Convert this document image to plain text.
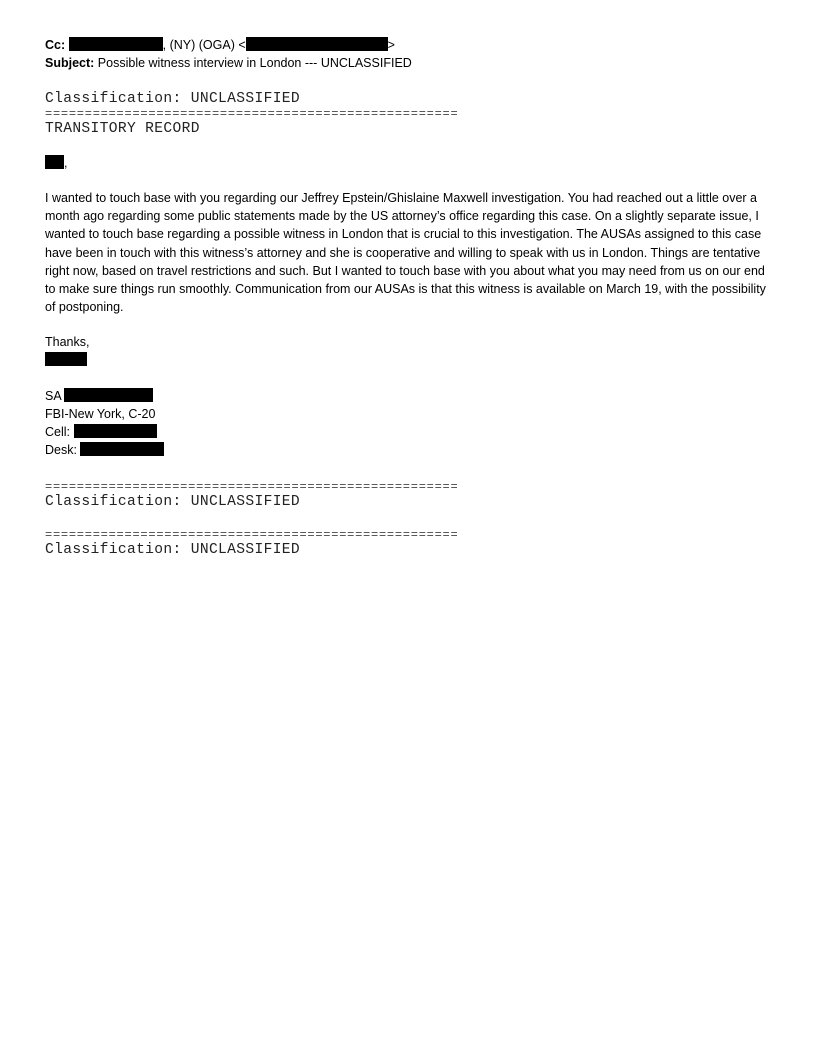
Cc:	, (NY) (OGA) <	>
Subject: Possible witness interview in London --- UNCLASSIFIED
Classification: UNCLASSIFIED
====================================================
TRANSITORY RECORD
,
I wanted to touch base with you regarding our Jeffrey Epstein/Ghislaine Maxwell investigation. You had reached out a little over a month ago regarding some public statements made by the US attorney’s office regarding this case. On a slightly separate issue, I wanted to touch base regarding a possible witness in London that is crucial to this investigation. The AUSAs assigned to this case have been in touch with this witness’s attorney and she is cooperative and willing to speak with us in London. Things are tentative right now, based on travel restrictions and such. But I wanted to touch base with you about what you may need from us on our end to make sure things run smoothly. Communication from our AUSAs is that this witness is available on March 19, with the possibility of postponing.
Thanks,
SA
FBI-New York, C-20
Cell:
Desk:
====================================================
Classification: UNCLASSIFIED
====================================================
Classification: UNCLASSIFIED
